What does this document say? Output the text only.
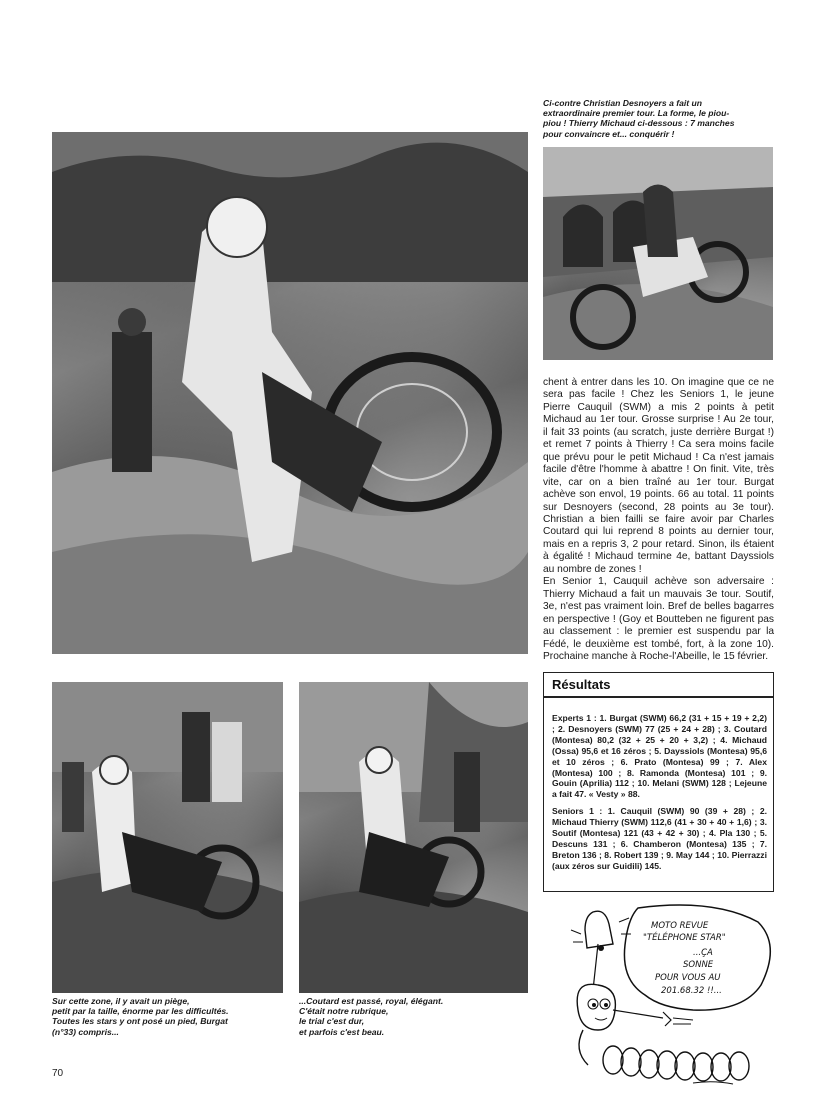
Ci-contre Christian Desnoyers a fait un
extraordinaire premier tour. La forme, le piou-
piou ! Thierry Michaud ci-dessous : 7 manches
pour convaincre et... conquérir !

chent à entrer dans les 10. On imagine que ce ne sera pas facile ! Chez les Seniors 1, le jeune Pierre Cauquil (SWM) a mis 2 points à petit Michaud au 1er tour. Grosse surprise ! Au 2e tour, il fait 33 points (au scratch, juste derrière Burgat !) et remet 7 points à Thierry ! Ca sera moins facile que prévu pour le petit Michaud ! Ca n'est jamais facile d'être l'homme à abattre ! On finit. Vite, très vite, car on a bien traîné au 1er tour. Burgat achève son envol, 19 points. 66 au total. 11 points sur Desnoyers (second, 28 points au 3e tour). Christian a bien failli se faire avoir par Charles Coutard qui lui reprend 8 points au dernier tour, mais en a repris 3, 2 pour retard. Sinon, ils étaient à égalité ! Michaud termine 4e, battant Dayssiols au nombre de zones !

En Senior 1, Cauquil achève son adversaire : Thierry Michaud a fait un mauvais 3e tour. Soutif, 3e, n'est pas vraiment loin. Bref de belles bagarres en perspective ! (Goy et Boutteben ne figurent pas au classement : le premier est suspendu par la Fédé, le deuxième est tombé, fort, à la zone 10). Prochaine manche à Roche-l'Abeille, le 15 février.

Résultats
Experts 1 : 1. Burgat (SWM) 66,2 (31 + 15 + 19 + 2,2) ; 2. Desnoyers (SWM) 77 (25 + 24 + 28) ; 3. Coutard (Montesa) 80,2 (32 + 25 + 20 + 3,2) ; 4. Michaud (Ossa) 95,6 et 16 zéros ; 5. Dayssiols (Montesa) 95,6 et 10 zéros ; 6. Prato (Montesa) 99 ; 7. Alex (Montesa) 100 ; 8. Ramonda (Montesa) 101 ; 9. Gouin (Aprilia) 112 ; 10. Melani (SWM) 128 ; Lejeune a fait 47. « Vesty » 88.
Seniors 1 : 1. Cauquil (SWM) 90 (39 + 28) ; 2. Michaud Thierry (SWM) 112,6 (41 + 30 + 40 + 1,6) ; 3. Soutif (Montesa) 121 (43 + 42 + 30) ; 4. Pla 130 ; 5. Descuns 131 ; 6. Chamberon (Montesa) 135 ; 7. Breton 136 ; 8. Robert 139 ; 9. May 144 ; 10. Pierrazzi (aux zéros sur Guidili) 145.
Sur cette zone, il y avait un piège,
petit par la taille, énorme par les difficultés.
Toutes les stars y ont posé un pied, Burgat
(n°33) compris...
...Coutard est passé, royal, élégant.
C'était notre rubrique,
le trial c'est dur,
et parfois c'est beau.
MOTO REVUE
"TÉLÉPHONE STAR"
...ÇA
SONNE
POUR VOUS AU
201.68.32 !!...
70
